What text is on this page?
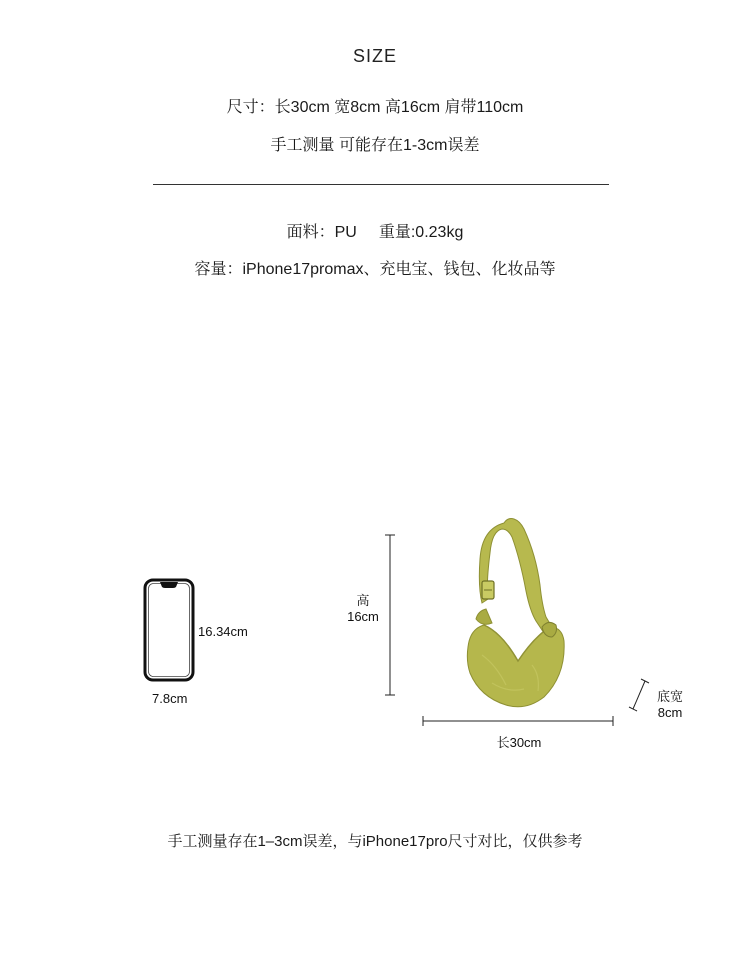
SIZE
尺寸：长30cm 宽8cm 高16cm 肩带110cm
手工测量 可能存在1-3cm误差
面料：PU 重量:0.23kg
容量：iPhone17promax、充电宝、钱包、化妆品等
16.34cm
7.8cm
高
16cm
长30cm
底宽
8cm
手工测量存在1–3cm误差，与iPhone17pro尺寸对比，仅供参考
